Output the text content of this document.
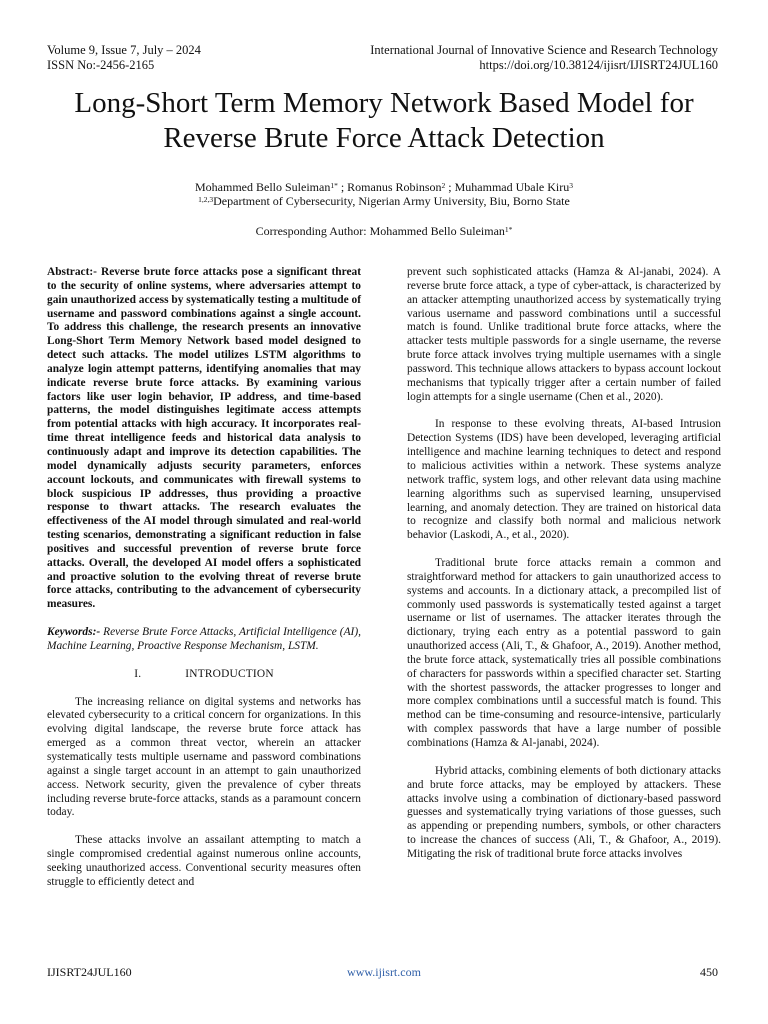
Volume 9, Issue 7, July – 2024
ISSN No:-2456-2165
International Journal of Innovative Science and Research Technology
https://doi.org/10.38124/ijisrt/IJISRT24JUL160
Long-Short Term Memory Network Based Model for
Reverse Brute Force Attack Detection
Mohammed Bello Suleiman$^{1*}$ ; Romanus Robinson$^2$ ; Muhammad Ubale Kiru$^3$
$^{1,2,3}$Department of Cybersecurity, Nigerian Army University, Biu, Borno State
Corresponding Author: Mohammed Bello Suleiman$^{1*}$

Abstract:- Reverse brute force attacks pose a significant threat to the security of online systems, where adversaries attempt to gain unauthorized access by systematically testing a multitude of username and password combinations against a single account. To address this challenge, the research presents an innovative Long-Short Term Memory Network based model designed to detect such attacks. The model utilizes LSTM algorithms to analyze login attempt patterns, identifying anomalies that may indicate reverse brute force attacks. By examining various factors like user login behavior, IP address, and time-based patterns, the model distinguishes legitimate access attempts from potential attacks with high accuracy. It incorporates real-time threat intelligence feeds and historical data analysis to continuously adapt and improve its detection capabilities. The model dynamically adjusts security parameters, enforces account lockouts, and communicates with firewall systems to block suspicious IP addresses, thus providing a proactive response to thwart attacks. The research evaluates the effectiveness of the AI model through simulated and real-world testing scenarios, demonstrating a significant reduction in false positives and successful prevention of reverse brute force attacks. Overall, the developed AI model offers a sophisticated and proactive solution to the evolving threat of reverse brute force attacks, contributing to the advancement of cybersecurity measures.

Keywords:- Reverse Brute Force Attacks, Artificial Intelligence (AI), Machine Learning, Proactive Response Mechanism, LSTM.

I.	INTRODUCTION

The increasing reliance on digital systems and networks has elevated cybersecurity to a critical concern for organizations. In this evolving digital landscape, the reverse brute force attack has emerged as a common threat vector, wherein an attacker systematically tests multiple username and password combinations against a single target account in an attempt to gain unauthorized access. Network security, given the prevalence of cyber threats including reverse brute-force attacks, stands as a paramount concern today.

These attacks involve an assailant attempting to match a single compromised credential against numerous online accounts, seeking unauthorized access. Conventional security measures often struggle to efficiently detect and

prevent such sophisticated attacks (Hamza & Al-janabi, 2024). A reverse brute force attack, a type of cyber-attack, is characterized by an attacker attempting unauthorized access by systematically trying various username and password combinations until a successful match is found. Unlike traditional brute force attacks, where the attacker tests multiple passwords for a single username, the reverse brute force attack involves trying multiple usernames with a single password. This technique allows attackers to bypass account lockout mechanisms that typically trigger after a certain number of failed login attempts for a single username (Chen et al., 2020).

In response to these evolving threats, AI-based Intrusion Detection Systems (IDS) have been developed, leveraging artificial intelligence and machine learning techniques to detect and respond to malicious activities within a network. These systems analyze network traffic, system logs, and other relevant data using machine learning algorithms such as supervised learning, unsupervised learning, and anomaly detection. They are trained on historical data to recognize and classify both normal and malicious network behavior (Laskodi, A., et al., 2020).

Traditional brute force attacks remain a common and straightforward method for attackers to gain unauthorized access to systems and accounts. In a dictionary attack, a precompiled list of commonly used passwords is systematically tested against a target username or list of usernames. The attacker iterates through the dictionary, trying each entry as a potential password to gain unauthorized access (Ali, T., & Ghafoor, A., 2019). Another method, the brute force attack, systematically tries all possible combinations of characters for passwords within a specified character set. Starting with the shortest passwords, the attacker progresses to longer and more complex combinations until a successful match is found. This method can be time-consuming and resource-intensive, particularly with complex passwords that have a large number of possible combinations (Hamza & Al-janabi, 2024).

Hybrid attacks, combining elements of both dictionary attacks and brute force attacks, may be employed by attackers. These attacks involve using a combination of dictionary-based password guesses and systematically trying variations of those guesses, such as appending or prepending numbers, symbols, or other characters to increase the chances of success (Ali, T., & Ghafoor, A., 2019). Mitigating the risk of traditional brute force attacks involves

IJISRT24JUL160	www.ijisrt.com	450
